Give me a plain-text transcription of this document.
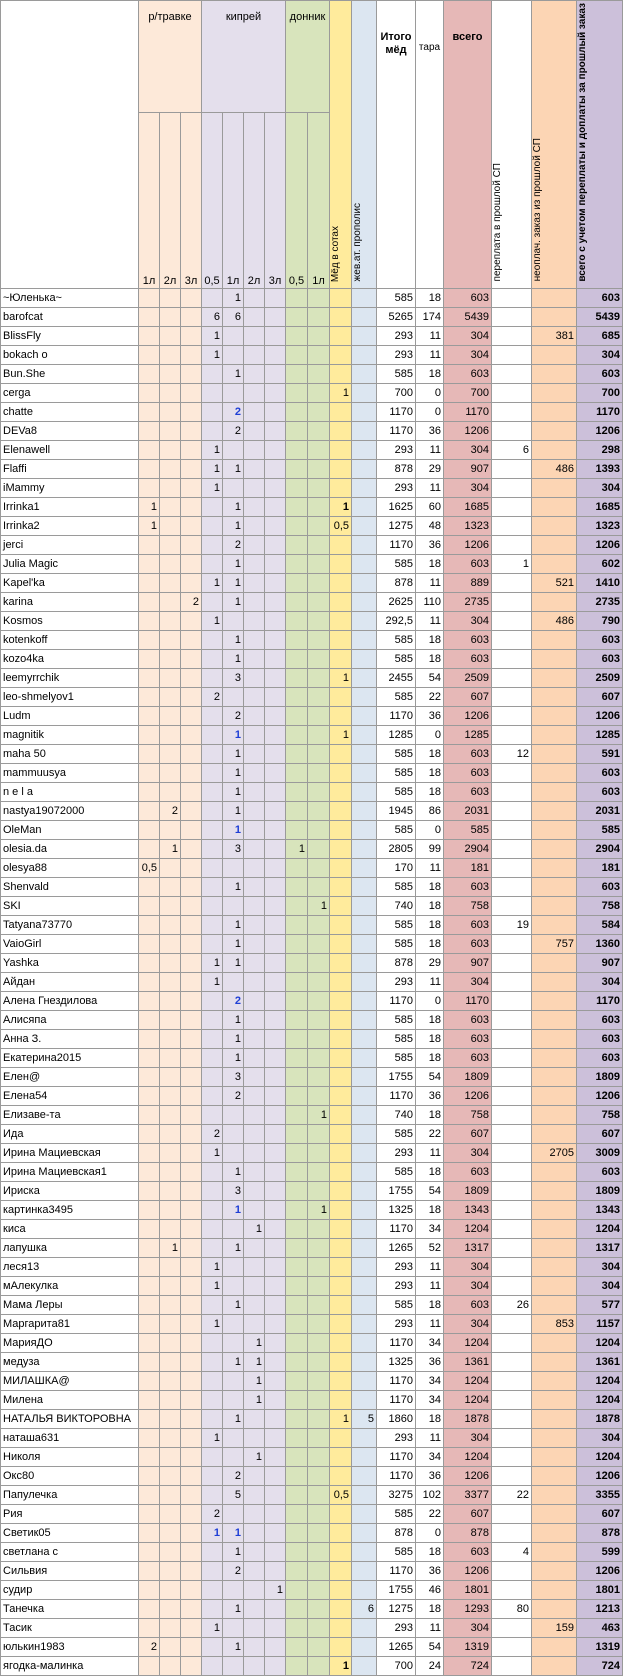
	р/травке			кипрей				донник		Мёд в сотах	жев.ат. прополис	Итого мёд	тара	всего	переплата в прошлой СП	неоплач. заказ из прошлой СП	всего с учетом переплаты и доплаты за прошлый заказ
	1л	2л	3л	0,5	1л	2л	3л	0,5	1л								
~Юленька~					1							585	18	603			603
barofcat				6	6							5265	174	5439			5439
BlissFly				1								293	11	304		381	685
bokach o				1								293	11	304			304
Bun.She					1							585	18	603			603
cerga										1		700	0	700			700
chatte					2							1170	0	1170			1170
DEVa8					2							1170	36	1206			1206
Elenawell				1								293	11	304	6		298
Flaffi				1	1							878	29	907		486	1393
iMammy				1								293	11	304			304
Irrinka1	1				1					1		1625	60	1685			1685
Irrinka2	1				1					0,5		1275	48	1323			1323
jerci					2							1170	36	1206			1206
Julia Magic					1							585	18	603	1		602
Kapel'ka				1	1							878	11	889		521	1410
karina			2		1							2625	110	2735			2735
Kosmos				1								292,5	11	304		486	790
kotenkoff					1							585	18	603			603
kozo4ka					1							585	18	603			603
leemyrrchik					3					1		2455	54	2509			2509
leo-shmelyov1				2								585	22	607			607
Ludm					2							1170	36	1206			1206
magnitik					1					1		1285	0	1285			1285
maha 50					1							585	18	603	12		591
mammuusya					1							585	18	603			603
n e l a					1							585	18	603			603
nastya19072000		2			1							1945	86	2031			2031
OleMan					1							585	0	585			585
olesia.da		1			3			1				2805	99	2904			2904
olesya88	0,5											170	11	181			181
Shenvald					1							585	18	603			603
SKI									1			740	18	758			758
Tatyana73770					1							585	18	603	19		584
VaioGirl					1							585	18	603		757	1360
Yashka				1	1							878	29	907			907
Айдан				1								293	11	304			304
Алена Гнездилова					2							1170	0	1170			1170
Алисяпа					1							585	18	603			603
Анна З.					1							585	18	603			603
Екатерина2015					1							585	18	603			603
Елен@					3							1755	54	1809			1809
Елена54					2							1170	36	1206			1206
Елизаве-та									1			740	18	758			758
Ида				2								585	22	607			607
Ирина Мациевская				1								293	11	304		2705	3009
Ирина Мациевская1					1							585	18	603			603
Ириска					3							1755	54	1809			1809
картинка3495					1				1			1325	18	1343			1343
киса						1						1170	34	1204			1204
лапушка		1			1							1265	52	1317			1317
леся13				1								293	11	304			304
мАлекулка				1								293	11	304			304
Мама Леры					1							585	18	603	26		577
Маргарита81				1								293	11	304		853	1157
МарияДО						1						1170	34	1204			1204
медуза					1	1						1325	36	1361			1361
МИЛАШКА@						1						1170	34	1204			1204
Милена						1						1170	34	1204			1204
НАТАЛЬЯ ВИКТОРОВНА					1					1	5	1860	18	1878			1878
наташа631				1								293	11	304			304
Николя						1						1170	34	1204			1204
Окс80					2							1170	36	1206			1206
Папулечка					5					0,5		3275	102	3377	22		3355
Рия				2								585	22	607			607
Светик05				1	1							878	0	878			878
светлана с					1							585	18	603	4		599
Сильвия					2							1170	36	1206			1206
судир							1					1755	46	1801			1801
Танечка					1						6	1275	18	1293	80		1213
Тасик				1								293	11	304		159	463
юлькин1983	2				1							1265	54	1319			1319
ягодка-малинка										1		700	24	724			724
